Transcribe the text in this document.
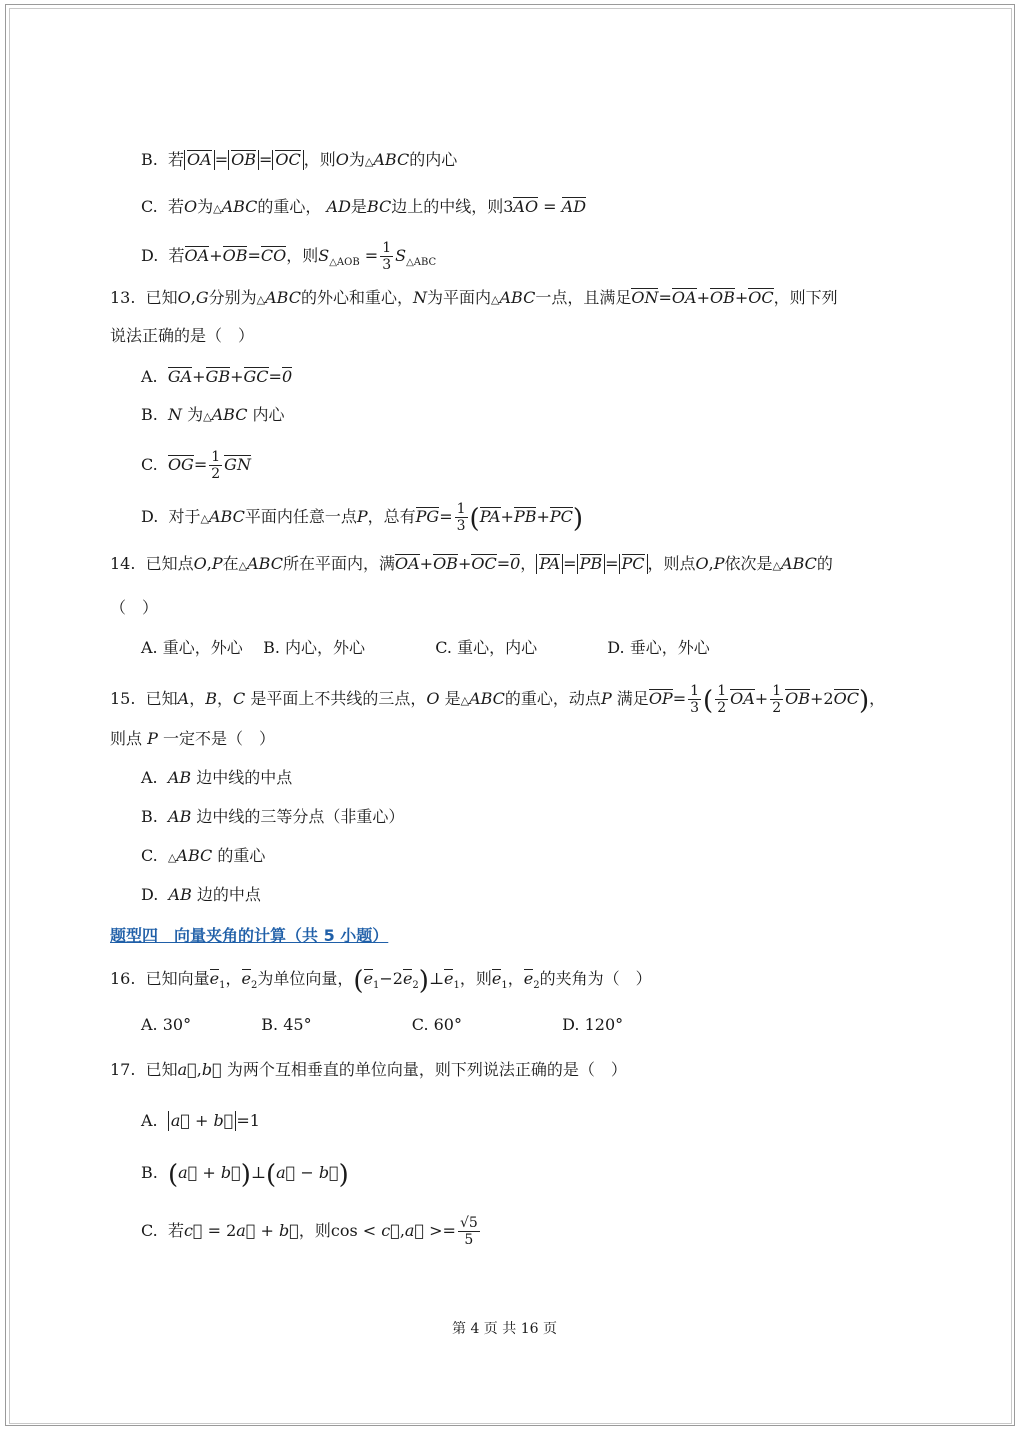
B. 若 OA = OB = OC ，则O为△ABC的内心
C. 若O为△ABC的重心， AD是BC边上的中线，则3AO = AD
D. 若OA+OB=CO，则$S_{\triangle AOB} = \frac{1}{3} S_{\triangle ABC}$
13. 已知O,G分别为△ABC的外心和重心，N为平面内△ABC一点，且满足ON=OA+OB+OC，则下列
说法正确的是（　）
A. GA+GB+GC=0
B. N 为△ABC 内心
C. $OG= \frac{1}{2}$ GN
D. 对于△ABC平面内任意一点P，总有$PG= \frac{1}{3} (PA+PB+PC)$
14. 已知点O,P在△ABC所在平面内，满OA+OB+OC=0， PA = PB = PC ，则点O,P依次是△ABC的
（　）
A. 重心，外心 B. 内心，外心	C. 重心，内心	D. 垂心，外心
15. 已知A，B，C 是平面上不共线的三点，O 是△ABC的重心，动点P 满足$OP= \frac{1}{3}$ ( $\frac{1}{2} OA+ \frac{1}{2} OB+2OC$)，
则点 P 一定不是（　）
A. AB 边中线的中点
B. AB 边中线的三等分点（非重心）
C. △ABC 的重心
D. AB 边的中点
题型四　向量夹角的计算（共 5 小题）
16. 已知向量$e_1$，$e_2$为单位向量，$(e_1-2e_2)\perp e_1$，则$e_1$，$e_2$的夹角为（　）
A. 30°	B. 45°	C. 60°	D. 120°
17. 已知a⃗,b⃗ 为两个互相垂直的单位向量，则下列说法正确的是（　）
A. a⃗ + b⃗ =1
B. (a⃗ + b⃗)⊥(a⃗ − b⃗)
C. 若c⃗ = 2a⃗ + b⃗，则cos < c⃗,a⃗ >= $\frac{√5}{5}$
第 4 页 共 16 页
